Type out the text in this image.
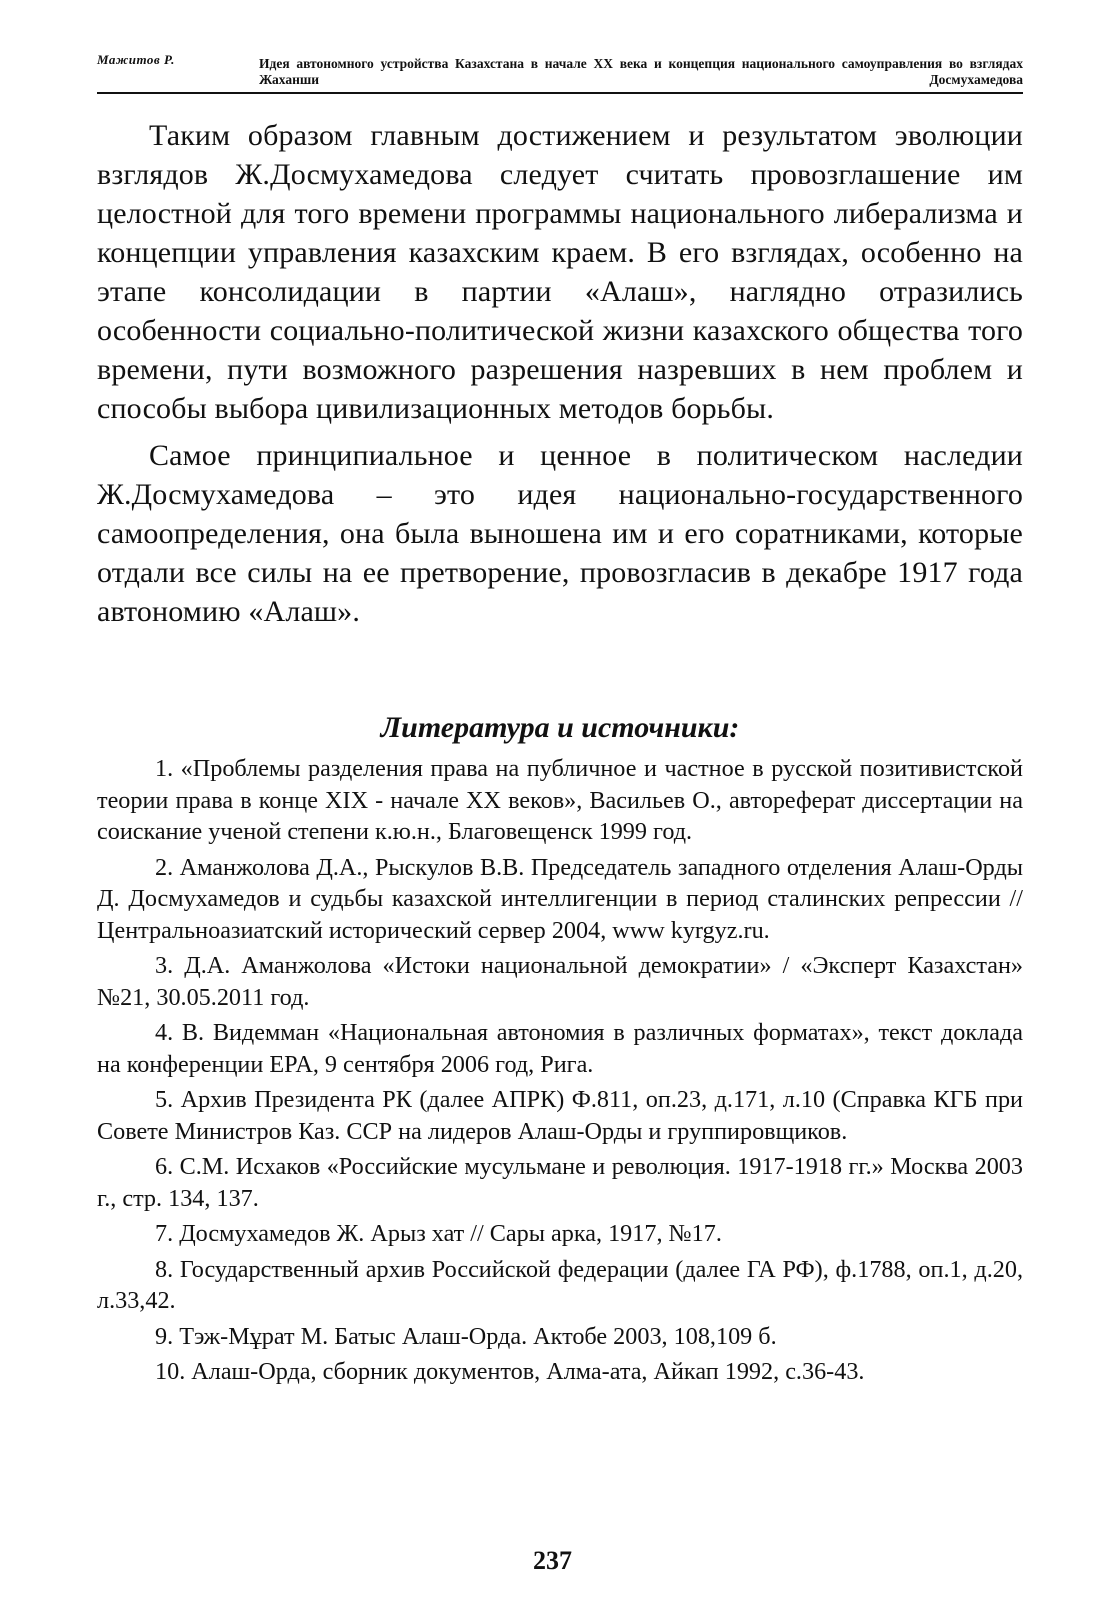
Мажитов Р.	Идея автономного устройства Казахстана в начале XX века и концепция национального самоуправления во взглядах Жаханши Досмухамедова

Таким образом главным достижением и результатом эволюции взглядов Ж.Досмухамедова следует считать провозглашение им целостной для того времени программы национального либерализма и концепции управления казахским краем. В его взглядах, особенно на этапе консолидации в партии «Алаш», наглядно отразились особенности социально-политической жизни казахского общества того времени, пути возможного разрешения назревших в нем проблем и способы выбора цивилизационных методов борьбы.

Самое принципиальное и ценное в политическом наследии Ж.Досмухамедова – это идея национально-государственного самоопределения, она была выношена им и его соратниками, которые отдали все силы на ее претворение, провозгласив в декабре 1917 года автономию «Алаш».

Литература и источники:
1. «Проблемы разделения права на публичное и частное в русской позитивистской теории права в конце XIX - начале XX веков», Васильев О., автореферат диссертации на соискание ученой степени к.ю.н., Благовещенск 1999 год.
2. Аманжолова Д.А., Рыскулов В.В. Председатель западного отделения Алаш-Орды Д. Досмухамедов и судьбы казахской интеллигенции в период сталинских репрессии // Центральноазиатский исторический сервер 2004, www kyrgyz.ru.
3. Д.А. Аманжолова «Истоки национальной демократии» / «Эксперт Казахстан» №21, 30.05.2011 год.
4. В. Видемман «Национальная автономия в различных форматах», текст доклада на конференции EPA, 9 сентября 2006 год, Рига.
5. Архив Президента РК (далее АПРК) Ф.811, оп.23, д.171, л.10 (Справка КГБ при Совете Министров Каз. ССР на лидеров Алаш-Орды и группировщиков.
6. С.М. Исхаков «Российские мусульмане и революция. 1917-1918 гг.» Москва 2003 г., стр. 134, 137.
7. Досмухамедов Ж. Арыз хат // Сары арка, 1917, №17.
8. Государственный архив Российской федерации (далее ГА РФ), ф.1788, оп.1, д.20, л.33,42.
9. Тэж-Мұрат М. Батыс Алаш-Орда. Актобе 2003, 108,109 б.
10. Алаш-Орда, сборник документов, Алма-ата, Айкап 1992, с.36-43.
237
